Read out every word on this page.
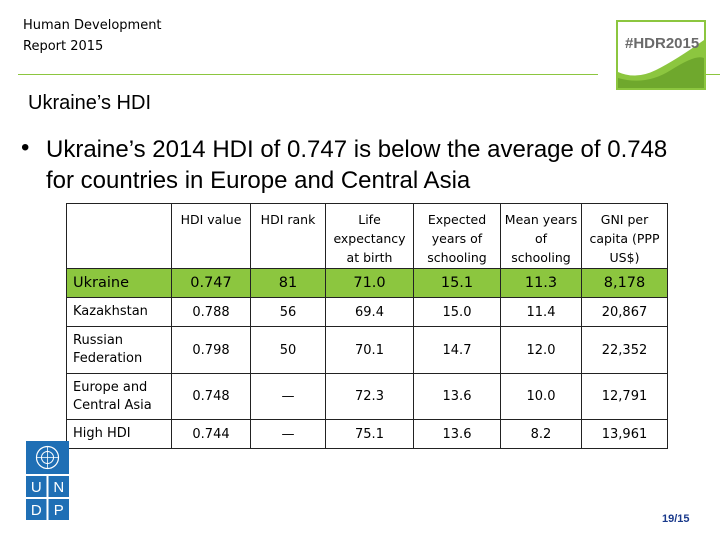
Human Development
Report 2015	#HDR2015
Ukraine’s HDI
• Ukraine’s 2014 HDI of 0.747 is below the average of 0.748 for countries in Europe and Central Asia
	HDI value	HDI rank	Life expectancy at birth	Expected years of schooling	Mean years of schooling	GNI per capita (PPP US$)
Ukraine	0.747	81	71.0	15.1	11.3	8,178
Kazakhstan	0.788	56	69.4	15.0	11.4	20,867
Russian Federation	0.798	50	70.1	14.7	12.0	22,352
Europe and Central Asia	0.748	—	72.3	13.6	10.0	12,791
High HDI	0.744	—	75.1	13.6	8.2	13,961
U N
D P	19/15
